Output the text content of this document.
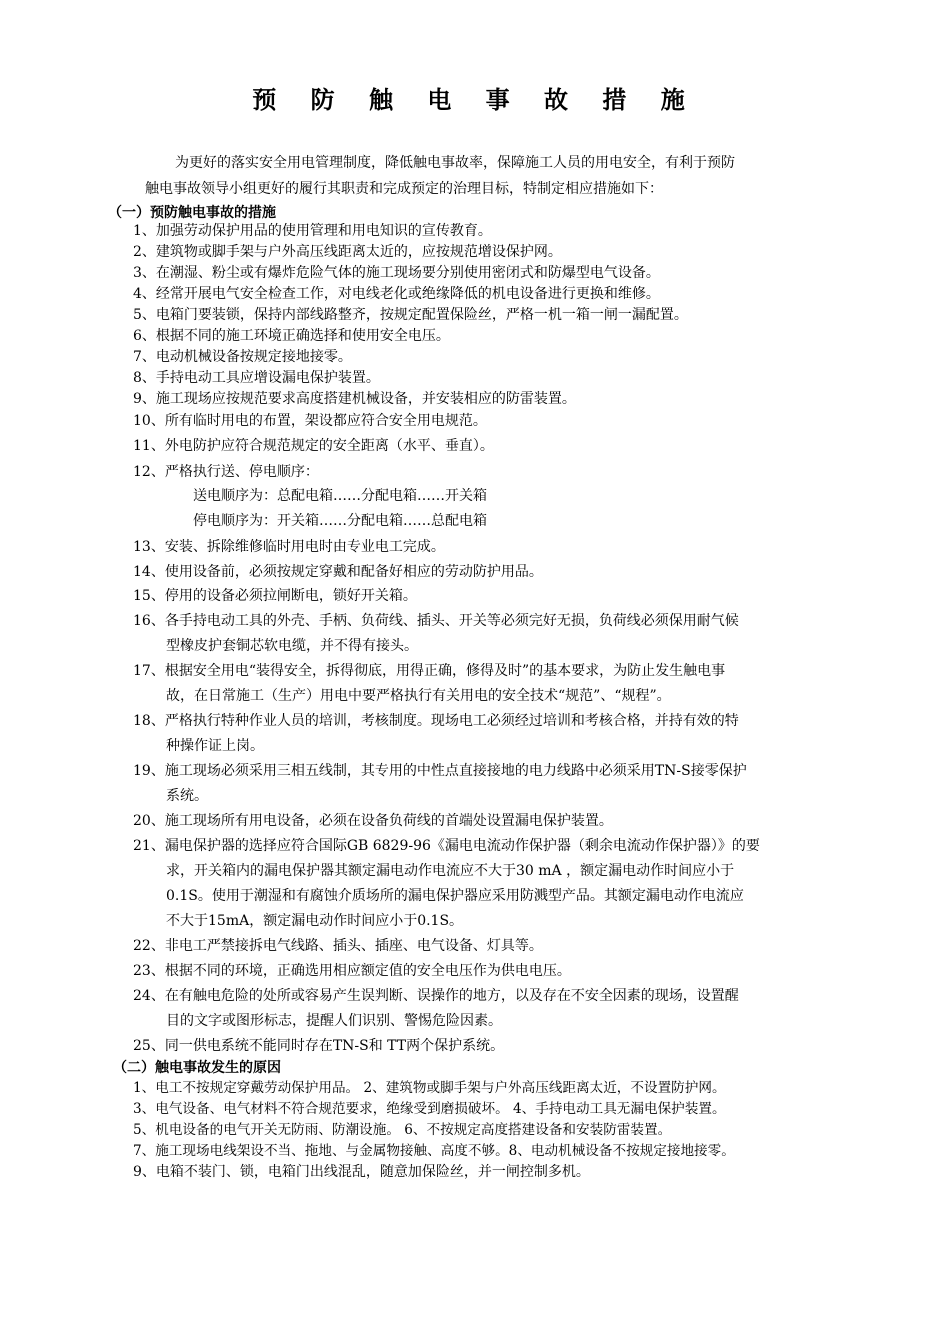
预 防 触 电 事 故 措 施
为更好的落实安全用电管理制度，降低触电事故率，保障施工人员的用电安全，有利于预防
触电事故领导小组更好的履行其职责和完成预定的治理目标，特制定相应措施如下：
（一）预防触电事故的措施
1、加强劳动保护用品的使用管理和用电知识的宣传教育。
2、建筑物或脚手架与户外高压线距离太近的，应按规范增设保护网。
3、在潮湿、粉尘或有爆炸危险气体的施工现场要分别使用密闭式和防爆型电气设备。
4、经常开展电气安全检查工作，对电线老化或绝缘降低的机电设备进行更换和维修。
5、电箱门要装锁，保持内部线路整齐，按规定配置保险丝，严格一机一箱一闸一漏配置。
6、根据不同的施工环境正确选择和使用安全电压。
7、电动机械设备按规定接地接零。
8、手持电动工具应增设漏电保护装置。
9、施工现场应按规范要求高度搭建机械设备，并安装相应的防雷装置。
10、所有临时用电的布置，架设都应符合安全用电规范。
11、外电防护应符合规范规定的安全距离（水平、垂直）。
12、严格执行送、停电顺序：
送电顺序为：总配电箱……分配电箱……开关箱
停电顺序为：开关箱……分配电箱……总配电箱
13、安装、拆除维修临时用电时由专业电工完成。
14、使用设备前，必须按规定穿戴和配备好相应的劳动防护用品。
15、停用的设备必须拉闸断电，锁好开关箱。
16、各手持电动工具的外壳、手柄、负荷线、插头、开关等必须完好无损，负荷线必须保用耐气候
型橡皮护套铜芯软电缆，并不得有接头。
17、根据安全用电“装得安全，拆得彻底，用得正确，修得及时”的基本要求，为防止发生触电事
故，在日常施工（生产）用电中要严格执行有关用电的安全技术“规范”、“规程”。
18、严格执行特种作业人员的培训，考核制度。现场电工必须经过培训和考核合格，并持有效的特
种操作证上岗。
19、施工现场必须采用三相五线制，其专用的中性点直接接地的电力线路中必须采用TN-S接零保护
系统。
20、施工现场所有用电设备，必须在设备负荷线的首端处设置漏电保护装置。
21、漏电保护器的选择应符合国际GB 6829-96《漏电电流动作保护器（剩余电流动作保护器）》的要
求，开关箱内的漏电保护器其额定漏电动作电流应不大于30 mA ，额定漏电动作时间应小于
0.1S。使用于潮湿和有腐蚀介质场所的漏电保护器应采用防溅型产品。其额定漏电动作电流应
不大于15mA，额定漏电动作时间应小于0.1S。
22、非电工严禁接拆电气线路、插头、插座、电气设备、灯具等。
23、根据不同的环境，正确选用相应额定值的安全电压作为供电电压。
24、在有触电危险的处所或容易产生误判断、误操作的地方，以及存在不安全因素的现场，设置醒
目的文字或图形标志，提醒人们识别、警惕危险因素。
25、同一供电系统不能同时存在TN-S和 TT两个保护系统。
（二）触电事故发生的原因
1、电工不按规定穿戴劳动保护用品。 2、建筑物或脚手架与户外高压线距离太近，不设置防护网。
3、电气设备、电气材料不符合规范要求，绝缘受到磨损破坏。 4、手持电动工具无漏电保护装置。
5、机电设备的电气开关无防雨、防潮设施。 6、不按规定高度搭建设备和安装防雷装置。
7、施工现场电线架设不当、拖地、与金属物接触、高度不够。8、电动机械设备不按规定接地接零。
9、电箱不装门、锁，电箱门出线混乱，随意加保险丝，并一闸控制多机。
